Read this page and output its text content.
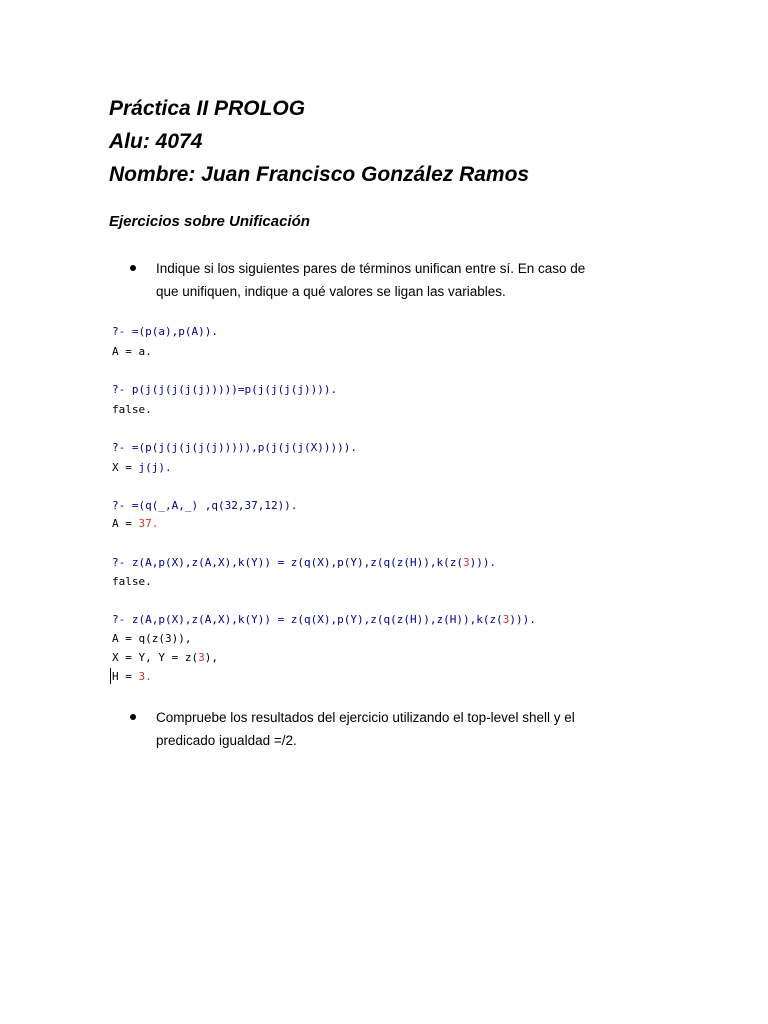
Práctica II PROLOG
Alu: 4074
Nombre: Juan Francisco González Ramos
Ejercicios sobre Unificación
Indique si los siguientes pares de términos unifican entre sí. En caso de que unifiquen, indique a qué valores se ligan las variables.
?- =(p(a),p(A)).
A = a.
?- p(j(j(j(j(j)))))=p(j(j(j(j)))).
false.
?- =(p(j(j(j(j(j))))),p(j(j(j(X))))).
X = j(j).
?- =(q(_,A,_) ,q(32,37,12)).
A = 37.
?- z(A,p(X),z(A,X),k(Y)) = z(q(X),p(Y),z(q(z(H)),k(z(3))).
false.
?- z(A,p(X),z(A,X),k(Y)) = z(q(X),p(Y),z(q(z(H)),z(H)),k(z(3))).
A = q(z(3)),
X = Y, Y = z(3),
H = 3.
Compruebe los resultados del ejercicio utilizando el top-level shell y el predicado igualdad =/2.
